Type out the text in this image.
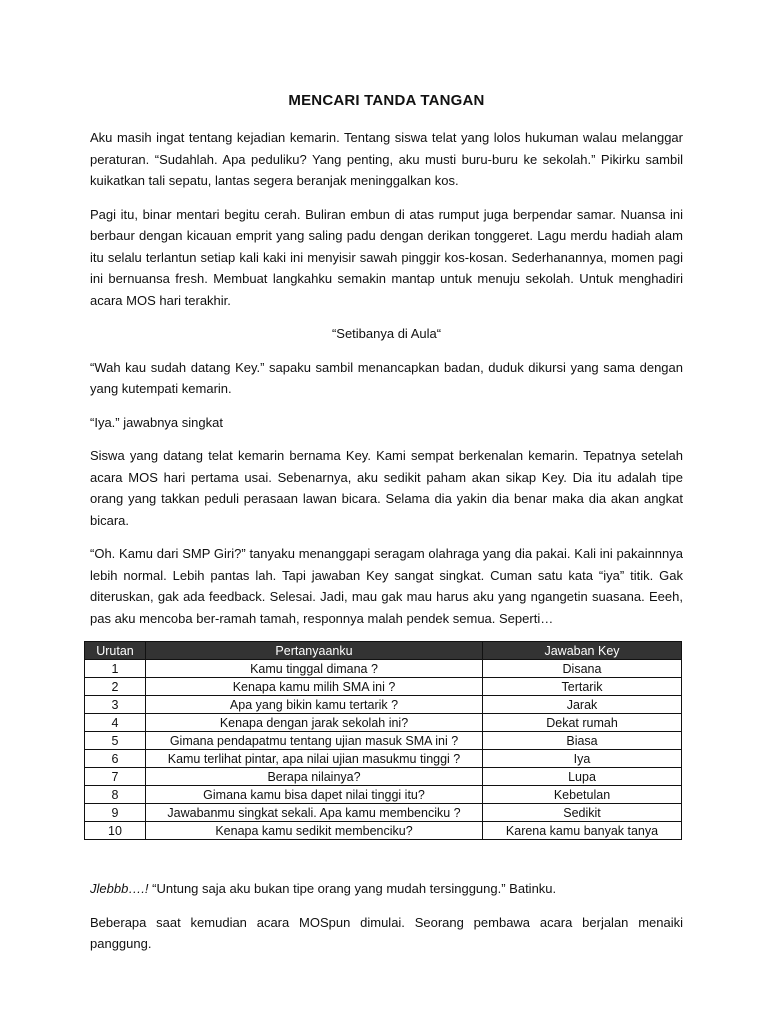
MENCARI TANDA TANGAN

Aku masih ingat tentang kejadian kemarin. Tentang siswa telat yang lolos hukuman walau melanggar peraturan. “Sudahlah. Apa peduliku? Yang penting, aku musti buru-buru ke sekolah.” Pikirku sambil kuikatkan tali sepatu, lantas segera beranjak meninggalkan kos.

Pagi itu, binar mentari begitu cerah. Buliran embun di atas rumput juga berpendar samar. Nuansa ini berbaur dengan kicauan emprit yang saling padu dengan derikan tonggeret. Lagu merdu hadiah alam itu selalu terlantun setiap kali kaki ini menyisir sawah pinggir kos-kosan. Sederhanannya, momen pagi ini bernuansa fresh. Membuat langkahku semakin mantap untuk menuju sekolah. Untuk menghadiri acara MOS hari terakhir.

“Setibanya di Aula“

“Wah kau sudah datang Key.” sapaku sambil menancapkan badan, duduk dikursi yang sama dengan yang kutempati kemarin.

“Iya.” jawabnya singkat

Siswa yang datang telat kemarin bernama Key. Kami sempat berkenalan kemarin. Tepatnya setelah acara MOS hari pertama usai. Sebenarnya, aku sedikit paham akan sikap Key. Dia itu adalah tipe orang yang takkan peduli perasaan lawan bicara. Selama dia yakin dia benar maka dia akan angkat bicara.

“Oh. Kamu dari SMP Giri?” tanyaku menanggapi seragam olahraga yang dia pakai. Kali ini pakainnnya lebih normal. Lebih pantas lah. Tapi jawaban Key sangat singkat. Cuman satu kata “iya” titik. Gak diteruskan, gak ada feedback. Selesai. Jadi, mau gak mau harus aku yang ngangetin suasana. Eeeh, pas aku mencoba ber-ramah tamah, responnya malah pendek semua. Seperti…

Urutan	Pertanyaanku	Jawaban Key
1	Kamu tinggal dimana ?	Disana
2	Kenapa kamu milih SMA ini ?	Tertarik
3	Apa yang bikin kamu tertarik ?	Jarak
4	Kenapa dengan jarak sekolah ini?	Dekat rumah
5	Gimana pendapatmu tentang ujian masuk SMA ini ?	Biasa
6	Kamu terlihat pintar, apa nilai ujian masukmu tinggi ?	Iya
7	Berapa nilainya?	Lupa
8	Gimana kamu bisa dapet nilai tinggi itu?	Kebetulan
9	Jawabanmu singkat sekali. Apa kamu membenciku ?	Sedikit
10	Kenapa kamu sedikit membenciku?	Karena kamu banyak tanya

Jlebbb….! “Untung saja aku bukan tipe orang yang mudah tersinggung.” Batinku.

Beberapa saat kemudian acara MOSpun dimulai. Seorang pembawa acara berjalan menaiki panggung.
